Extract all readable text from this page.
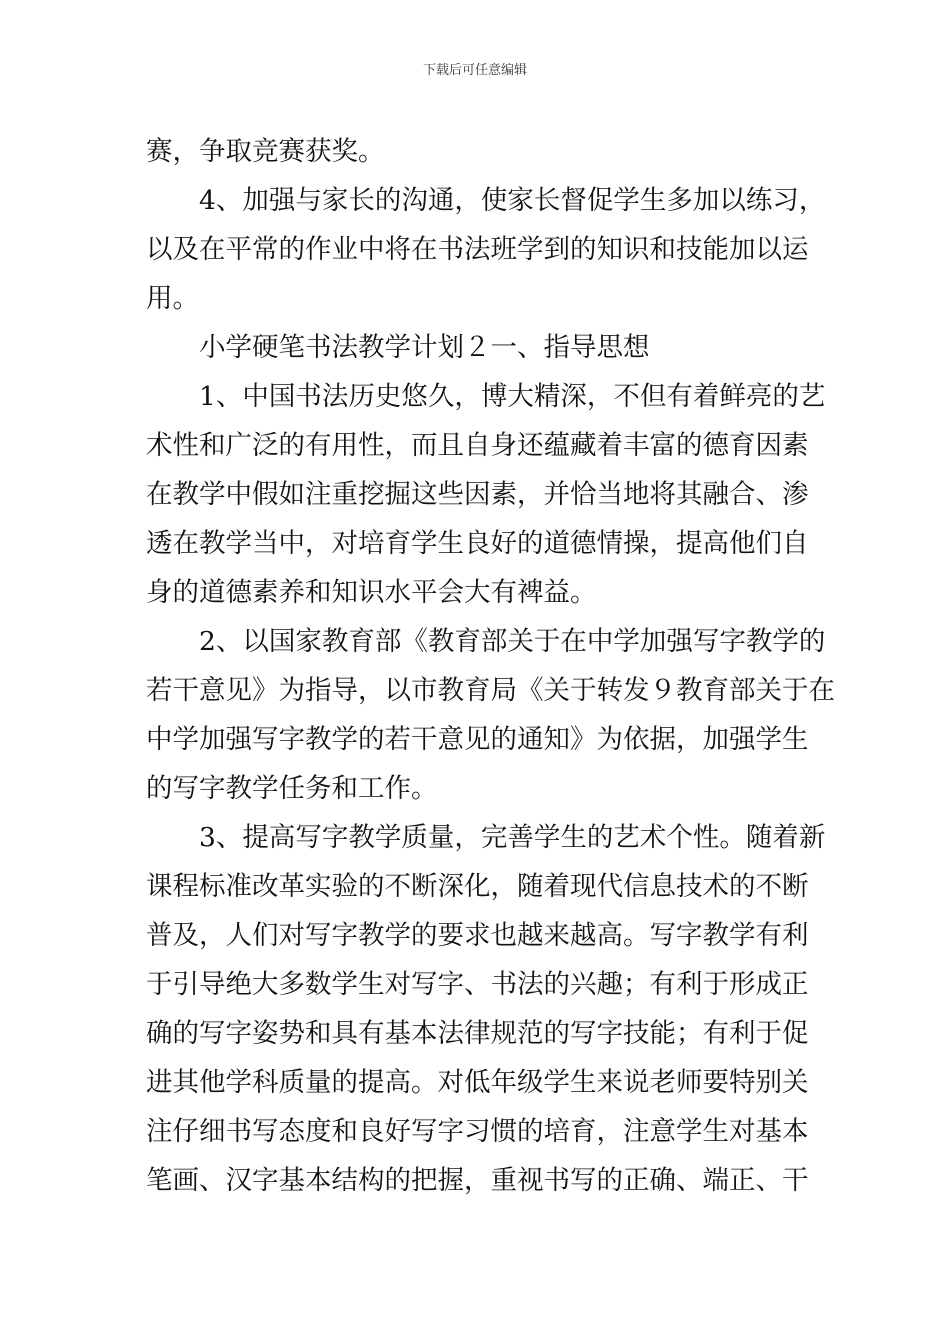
下载后可任意编辑
赛，争取竞赛获奖。
4、加强与家长的沟通，使家长督促学生多加以练习，
以及在平常的作业中将在书法班学到的知识和技能加以运
用。
小学硬笔书法教学计划２一、指导思想
1、中国书法历史悠久，博大精深，不但有着鲜亮的艺
术性和广泛的有用性，而且自身还蕴藏着丰富的德育因素
在教学中假如注重挖掘这些因素，并恰当地将其融合、渗
透在教学当中，对培育学生良好的道德情操，提高他们自
身的道德素养和知识水平会大有裨益。
2、以国家教育部《教育部关于在中学加强写字教学的
若干意见》为指导，以市教育局《关于转发９教育部关于在
中学加强写字教学的若干意见的通知》为依据，加强学生
的写字教学任务和工作。
3、提高写字教学质量，完善学生的艺术个性。随着新
课程标准改革实验的不断深化，随着现代信息技术的不断
普及，人们对写字教学的要求也越来越高。写字教学有利
于引导绝大多数学生对写字、书法的兴趣；有利于形成正
确的写字姿势和具有基本法律规范的写字技能；有利于促
进其他学科质量的提高。对低年级学生来说老师要特别关
注仔细书写态度和良好写字习惯的培育，注意学生对基本
笔画、汉字基本结构的把握，重视书写的正确、端正、干
